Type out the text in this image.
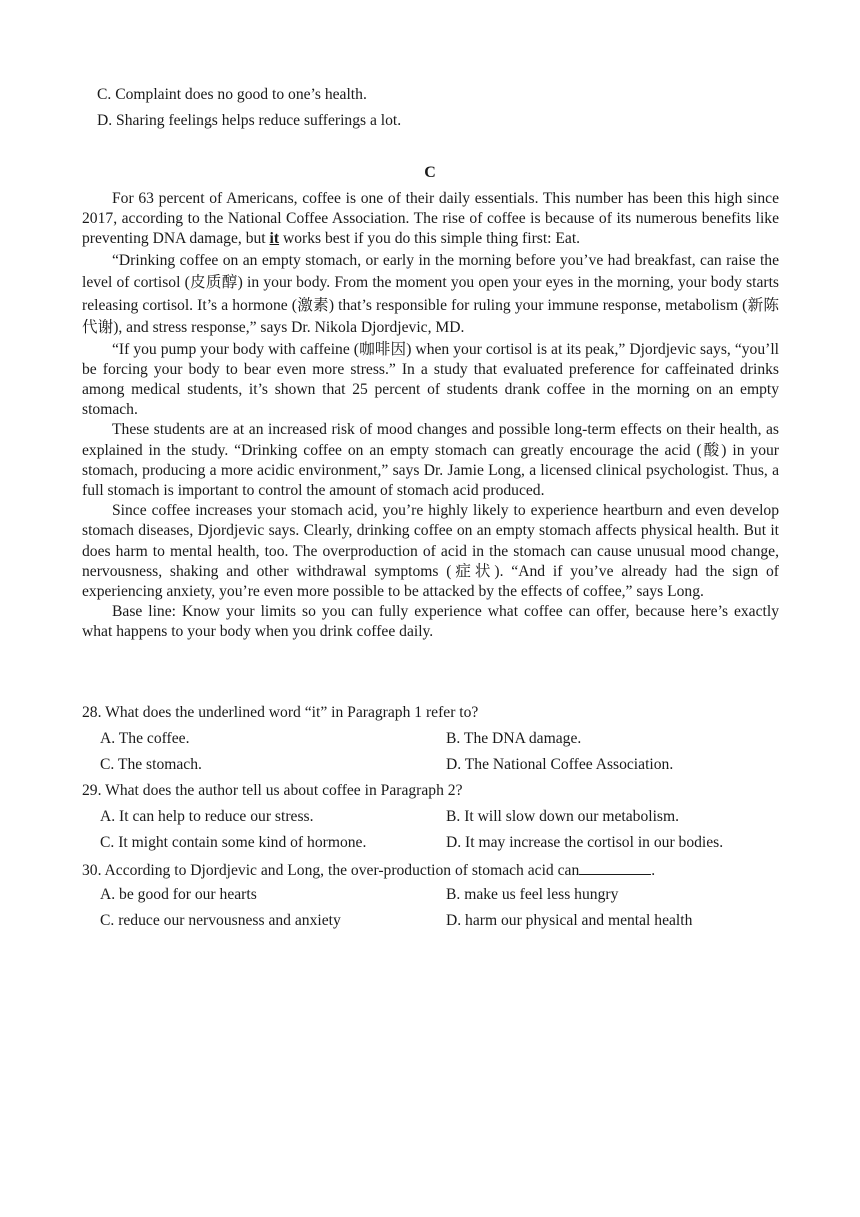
C. Complaint does no good to one’s health.
D. Sharing feelings helps reduce sufferings a lot.
C

For 63 percent of Americans, coffee is one of their daily essentials. This number has been this high since 2017, according to the National Coffee Association. The rise of coffee is because of its numerous benefits like preventing DNA damage, but it works best if you do this simple thing first: Eat.

“Drinking coffee on an empty stomach, or early in the morning before you’ve had breakfast, can raise the level of cortisol (皮质醇) in your body. From the moment you open your eyes in the morning, your body starts releasing cortisol. It’s a hormone (激素) that’s responsible for ruling your immune response, metabolism (新陈代谢), and stress response,” says Dr. Nikola Djordjevic, MD.

“If you pump your body with caffeine (咖啡因) when your cortisol is at its peak,” Djordjevic says, “you’ll be forcing your body to bear even more stress.” In a study that evaluated preference for caffeinated drinks among medical students, it’s shown that 25 percent of students drank coffee in the morning on an empty stomach.

These students are at an increased risk of mood changes and possible long-term effects on their health, as explained in the study. “Drinking coffee on an empty stomach can greatly encourage the acid (酸) in your stomach, producing a more acidic environment,” says Dr. Jamie Long, a licensed clinical psychologist. Thus, a full stomach is important to control the amount of stomach acid produced.

Since coffee increases your stomach acid, you’re highly likely to experience heartburn and even develop stomach diseases, Djordjevic says. Clearly, drinking coffee on an empty stomach affects physical health. But it does harm to mental health, too. The overproduction of acid in the stomach can cause unusual mood change, nervousness, shaking and other withdrawal symptoms (症状). “And if you’ve already had the sign of experiencing anxiety, you’re even more possible to be attacked by the effects of coffee,” says Long.

Base line: Know your limits so you can fully experience what coffee can offer, because here’s exactly what happens to your body when you drink coffee daily.

28. What does the underlined word “it” in Paragraph 1 refer to?
A. The coffee.	B. The DNA damage.
C. The stomach.	D. The National Coffee Association.
29. What does the author tell us about coffee in Paragraph 2?
A. It can help to reduce our stress.	B. It will slow down our metabolism.
C. It might contain some kind of hormone.	D. It may increase the cortisol in our bodies.
30. According to Djordjevic and Long, the over-production of stomach acid can	.
A. be good for our hearts	B. make us feel less hungry
C. reduce our nervousness and anxiety	D. harm our physical and mental health
